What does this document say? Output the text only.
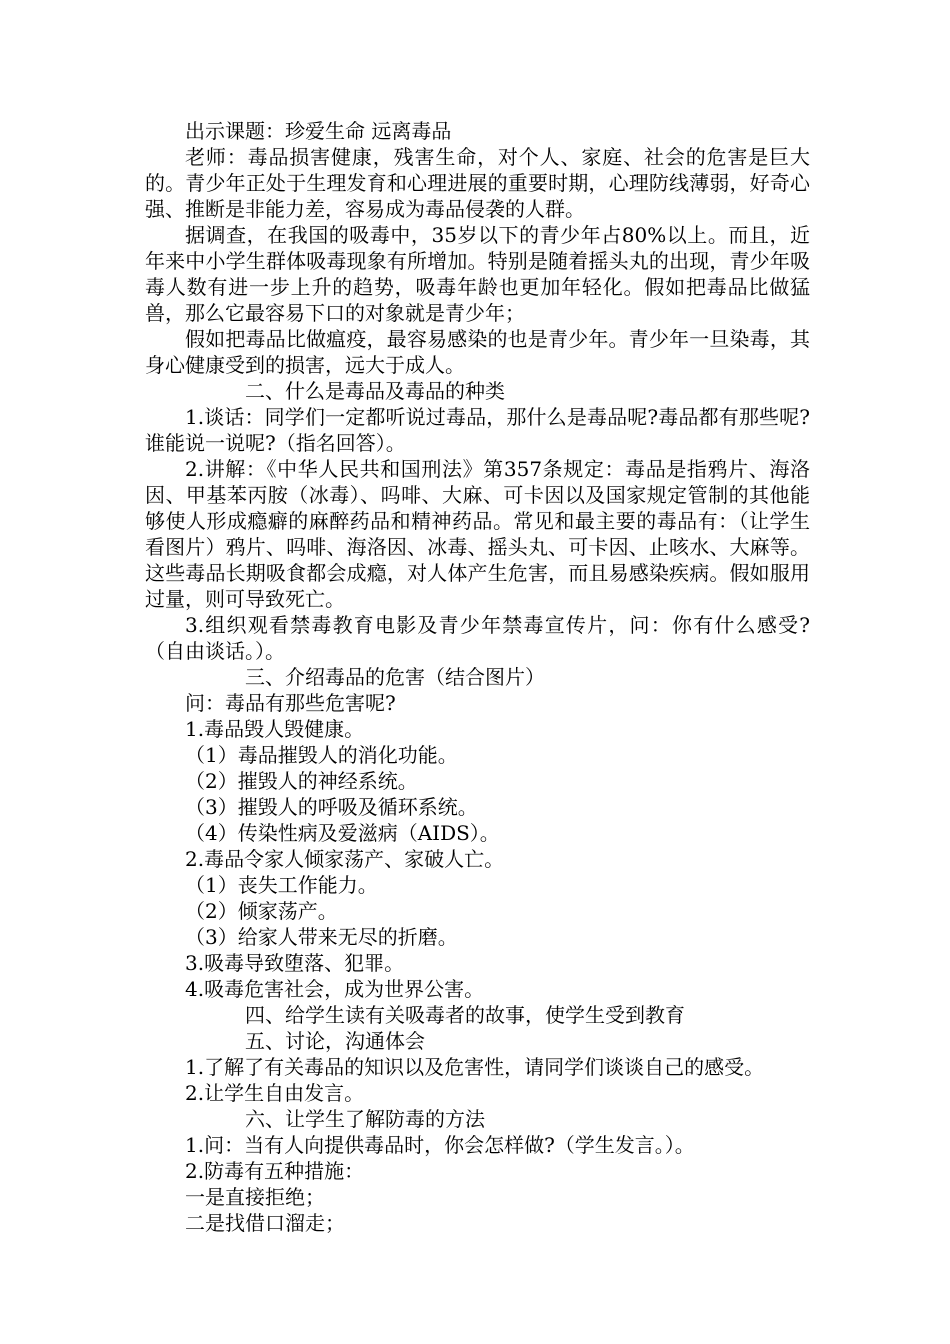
出示课题：珍爱生命 远离毒品

老师：毒品损害健康，残害生命，对个人、家庭、社会的危害是巨大的。青少年正处于生理发育和心理进展的重要时期，心理防线薄弱，好奇心强、推断是非能力差，容易成为毒品侵袭的人群。

据调查，在我国的吸毒中，35岁以下的青少年占80%以上。而且，近年来中小学生群体吸毒现象有所增加。特别是随着摇头丸的出现，青少年吸毒人数有进一步上升的趋势，吸毒年龄也更加年轻化。假如把毒品比做猛兽，那么它最容易下口的对象就是青少年；

假如把毒品比做瘟疫，最容易感染的也是青少年。青少年一旦染毒，其身心健康受到的损害，远大于成人。

二、什么是毒品及毒品的种类

1.谈话：同学们一定都听说过毒品，那什么是毒品呢?毒品都有那些呢?谁能说一说呢?（指名回答）。

2.讲解：《中华人民共和国刑法》第357条规定：毒品是指鸦片、海洛因、甲基苯丙胺（冰毒）、吗啡、大麻、可卡因以及国家规定管制的其他能够使人形成瘾癖的麻醉药品和精神药品。常见和最主要的毒品有：（让学生看图片）鸦片、吗啡、海洛因、冰毒、摇头丸、可卡因、止咳水、大麻等。这些毒品长期吸食都会成瘾，对人体产生危害，而且易感染疾病。假如服用过量，则可导致死亡。

3.组织观看禁毒教育电影及青少年禁毒宣传片，问：你有什么感受?（自由谈话。）。

三、介绍毒品的危害（结合图片）

问：毒品有那些危害呢?

1.毒品毁人毁健康。

（1）毒品摧毁人的消化功能。

（2）摧毁人的神经系统。

（3）摧毁人的呼吸及循环系统。

（4）传染性病及爱滋病（AIDS）。

2.毒品令家人倾家荡产、家破人亡。

（1）丧失工作能力。

（2）倾家荡产。

（3）给家人带来无尽的折磨。

3.吸毒导致堕落、犯罪。

4.吸毒危害社会，成为世界公害。

四、给学生读有关吸毒者的故事，使学生受到教育

五、讨论，沟通体会

1.了解了有关毒品的知识以及危害性，请同学们谈谈自己的感受。

2.让学生自由发言。

六、让学生了解防毒的方法

1.问：当有人向提供毒品时，你会怎样做?（学生发言。）。

2.防毒有五种措施：

一是直接拒绝；

二是找借口溜走；
